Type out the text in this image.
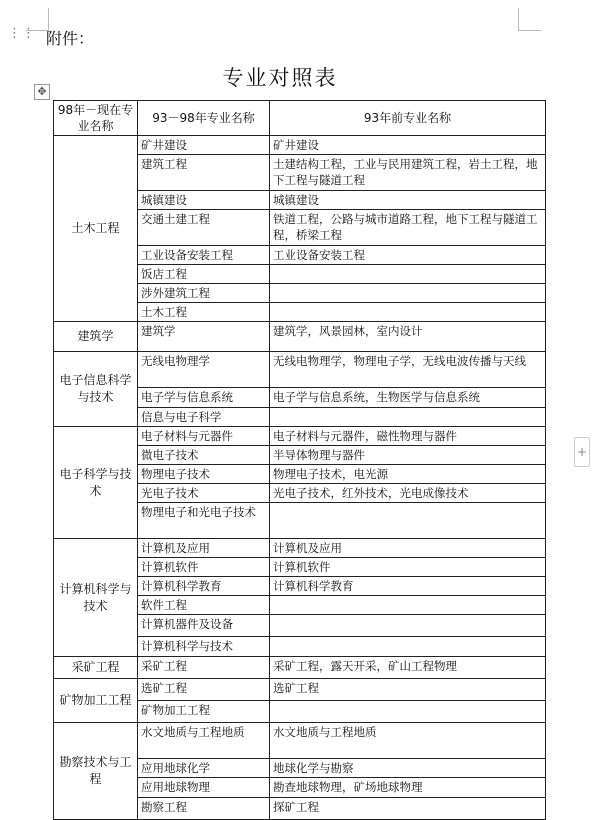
⋮⋮ 附件：
专业对照表
✥
+
98年－现在专业名称	93－98年专业名称	93年前专业名称
土木工程	矿井建设	矿井建设
	建筑工程	土建结构工程，工业与民用建筑工程，岩土工程，地下工程与隧道工程
	城镇建设	城镇建设
	交通土建工程	铁道工程，公路与城市道路工程，地下工程与隧道工程，桥梁工程
	工业设备安装工程	工业设备安装工程
	饭店工程	
	涉外建筑工程	
	土木工程	
建筑学	建筑学	建筑学，风景园林，室内设计
电子信息科学与技术	无线电物理学	无线电物理学，物理电子学，无线电波传播与天线
	电子学与信息系统	电子学与信息系统，生物医学与信息系统
	信息与电子科学	
电子科学与技术	电子材料与元器件	电子材料与元器件，磁性物理与器件
	微电子技术	半导体物理与器件
	物理电子技术	物理电子技术，电光源
	光电子技术	光电子技术，红外技术，光电成像技术
	物理电子和光电子技术	
计算机科学与技术	计算机及应用	计算机及应用
	计算机软件	计算机软件
	计算机科学教育	计算机科学教育
	软件工程	
	计算机器件及设备	
	计算机科学与技术	
采矿工程	采矿工程	采矿工程，露天开采，矿山工程物理
矿物加工工程	选矿工程	选矿工程
	矿物加工工程	
勘察技术与工程	水文地质与工程地质	水文地质与工程地质
	应用地球化学	地球化学与勘察
	应用地球物理	勘查地球物理，矿场地球物理
	勘察工程	探矿工程
